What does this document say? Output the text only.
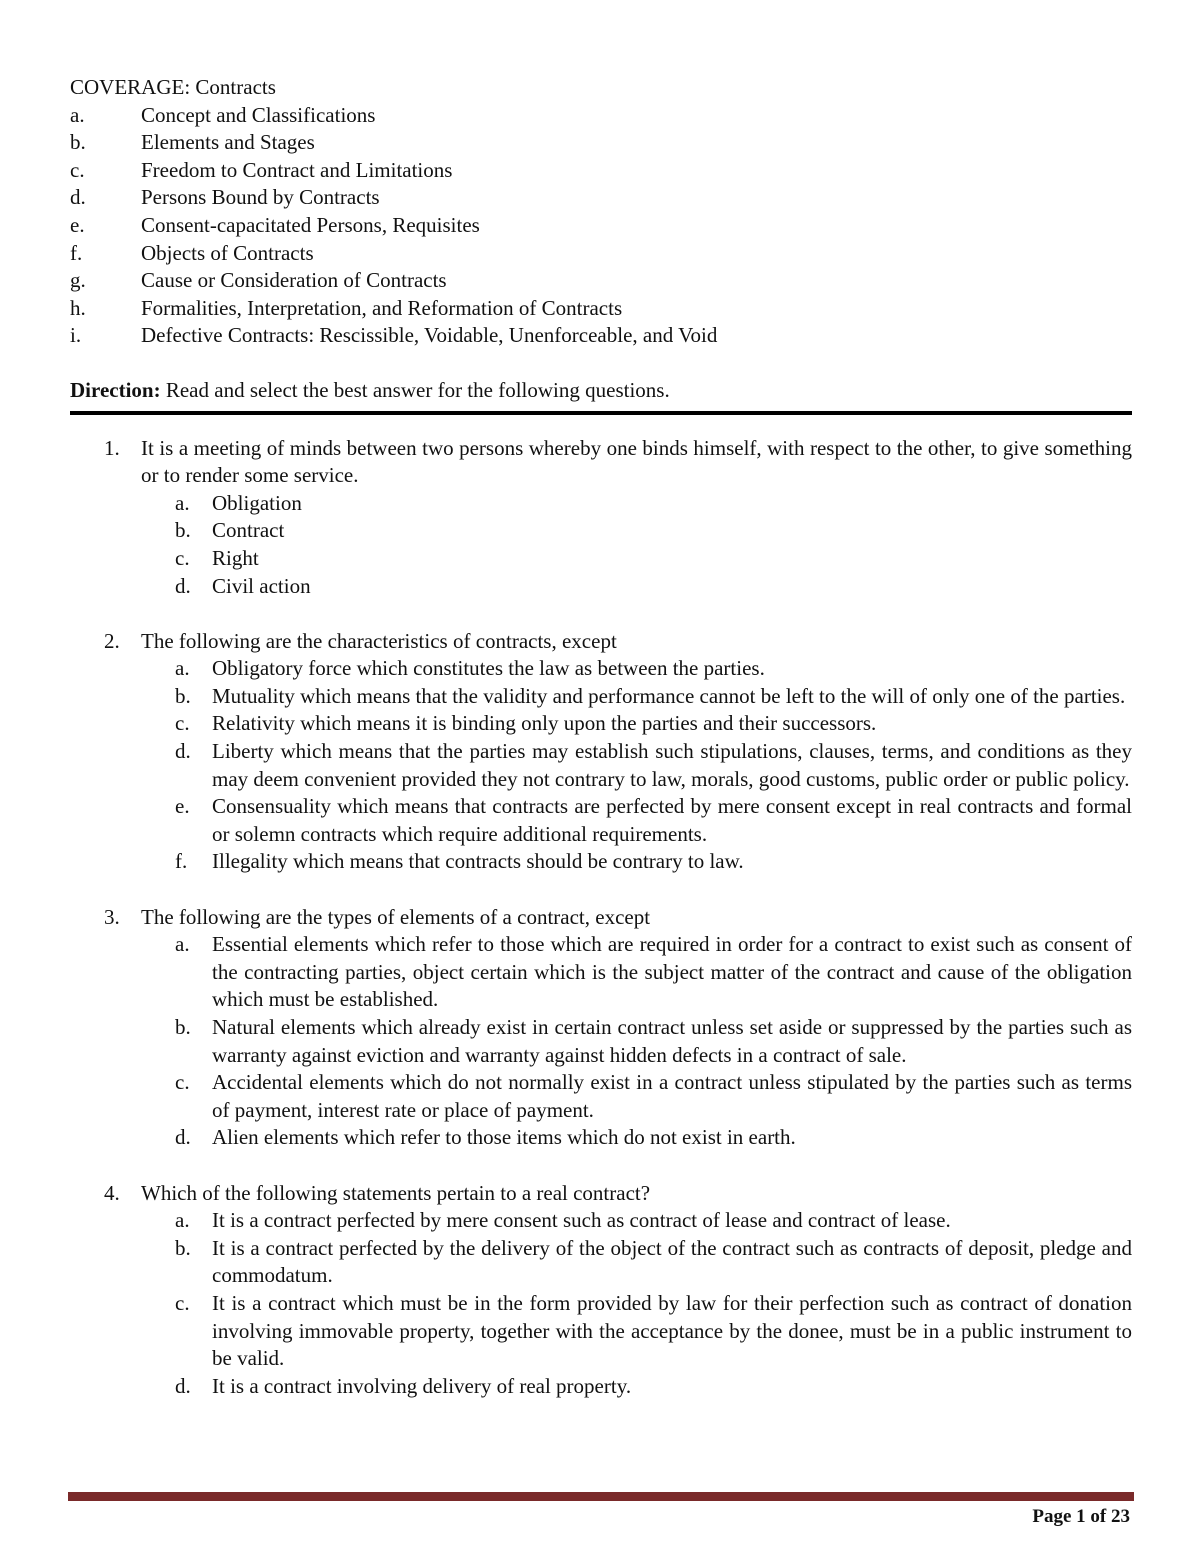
COVERAGE: Contracts

a.	Concept and Classifications
b.	Elements and Stages
c.	Freedom to Contract and Limitations
d.	Persons Bound by Contracts
e.	Consent-capacitated Persons, Requisites
f.	Objects of Contracts
g.	Cause or Consideration of Contracts
h.	Formalities, Interpretation, and Reformation of Contracts
i.	Defective Contracts: Rescissible, Voidable, Unenforceable, and Void
Direction: Read and select the best answer for the following questions.
1.	It is a meeting of minds between two persons whereby one binds himself, with respect to the other, to give something or to render some service.
a. Obligation
b. Contract
c. Right
d. Civil action
2.	The following are the characteristics of contracts, except
a. Obligatory force which constitutes the law as between the parties.
b. Mutuality which means that the validity and performance cannot be left to the will of only one of the parties.
c. Relativity which means it is binding only upon the parties and their successors.
d. Liberty which means that the parties may establish such stipulations, clauses, terms, and conditions as they may deem convenient provided they not contrary to law, morals, good customs, public order or public policy.
e. Consensuality which means that contracts are perfected by mere consent except in real contracts and formal or solemn contracts which require additional requirements.
f. Illegality which means that contracts should be contrary to law.
3.	The following are the types of elements of a contract, except
a. Essential elements which refer to those which are required in order for a contract to exist such as consent of the contracting parties, object certain which is the subject matter of the contract and cause of the obligation which must be established.
b. Natural elements which already exist in certain contract unless set aside or suppressed by the parties such as warranty against eviction and warranty against hidden defects in a contract of sale.
c. Accidental elements which do not normally exist in a contract unless stipulated by the parties such as terms of payment, interest rate or place of payment.
d. Alien elements which refer to those items which do not exist in earth.
4.	Which of the following statements pertain to a real contract?
a. It is a contract perfected by mere consent such as contract of lease and contract of lease.
b. It is a contract perfected by the delivery of the object of the contract such as contracts of deposit, pledge and commodatum.
c. It is a contract which must be in the form provided by law for their perfection such as contract of donation involving immovable property, together with the acceptance by the donee, must be in a public instrument to be valid.
d. It is a contract involving delivery of real property.
Page 1 of 23
